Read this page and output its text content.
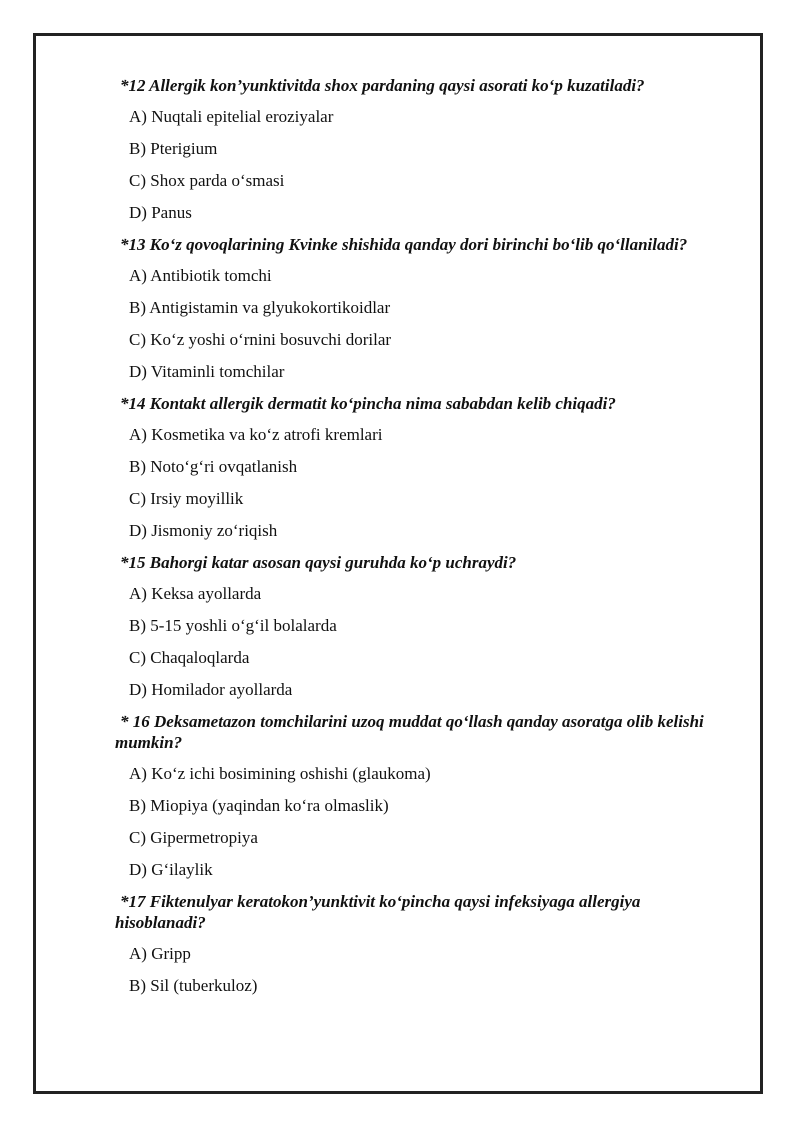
*12 Allergik kon’yunktivitda shox pardaning qaysi asorati ko‘p kuzatiladi?

A) Nuqtali epitelial eroziyalar
B) Pterigium
C) Shox parda o‘smasi
D) Panus

*13 Ko‘z qovoqlarining Kvinke shishida qanday dori birinchi bo‘lib qo‘llaniladi?

A) Antibiotik tomchi
B) Antigistamin va glyukokortikoidlar
C) Ko‘z yoshi o‘rnini bosuvchi dorilar
D) Vitaminli tomchilar

*14 Kontakt allergik dermatit ko‘pincha nima sababdan kelib chiqadi?

A) Kosmetika va ko‘z atrofi kremlari
B) Noto‘g‘ri ovqatlanish
C) Irsiy moyillik
D) Jismoniy zo‘riqish

*15 Bahorgi katar asosan qaysi guruhda ko‘p uchraydi?

A) Keksa ayollarda
B) 5-15 yoshli o‘g‘il bolalarda
C) Chaqaloqlarda
D) Homilador ayollarda

* 16 Deksametazon tomchilarini uzoq muddat qo‘llash qanday asoratga olib kelishi mumkin?

A) Ko‘z ichi bosimining oshishi (glaukoma)
B) Miopiya (yaqindan ko‘ra olmaslik)
C) Gipermetropiya
D) G‘ilaylik

*17 Fiktenulyar keratokon’yunktivit ko‘pincha qaysi infeksiyaga allergiya hisoblanadi?

A) Gripp
B) Sil (tuberkuloz)
